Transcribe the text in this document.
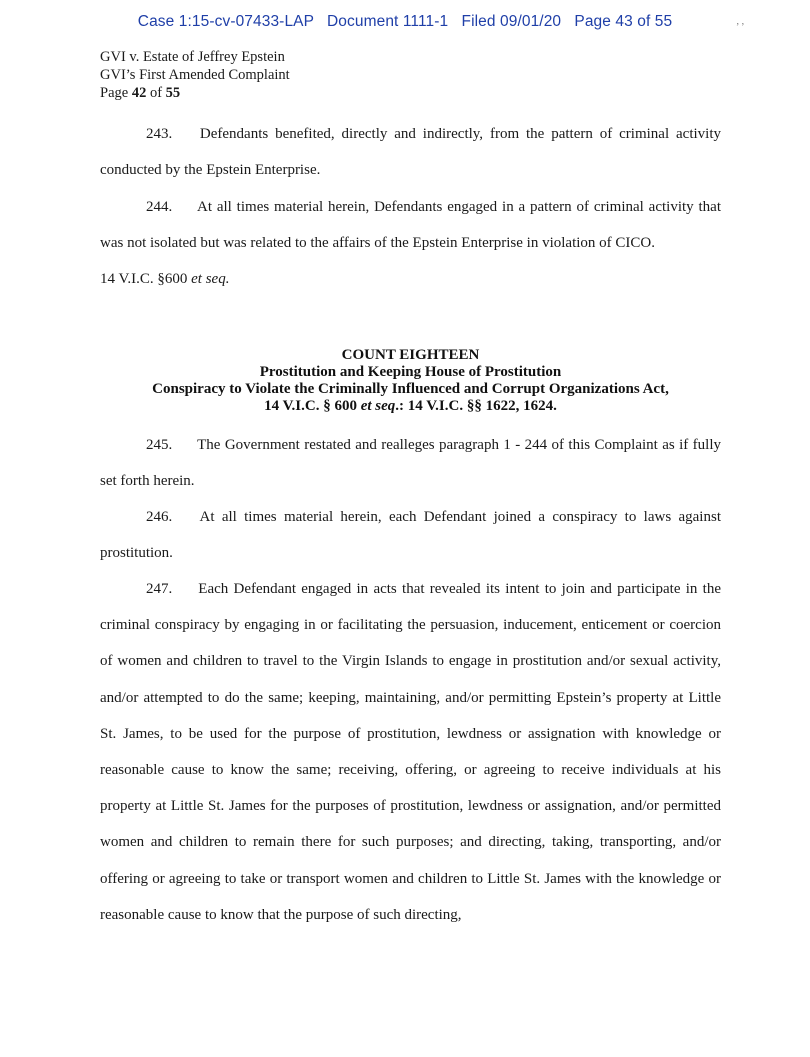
Case 1:15-cv-07433-LAP Document 1111-1 Filed 09/01/20 Page 43 of 55	’ ’
GVI v. Estate of Jeffrey Epstein
GVI’s First Amended Complaint
Page 42 of 55
243. Defendants benefited, directly and indirectly, from the pattern of criminal activity conducted by the Epstein Enterprise.
244. At all times material herein, Defendants engaged in a pattern of criminal activity that was not isolated but was related to the affairs of the Epstein Enterprise in violation of CICO.
14 V.I.C. §600 et seq.
COUNT EIGHTEEN
Prostitution and Keeping House of Prostitution
Conspiracy to Violate the Criminally Influenced and Corrupt Organizations Act,
14 V.I.C. § 600 et seq.: 14 V.I.C. §§ 1622, 1624.
245. The Government restated and realleges paragraph 1 - 244 of this Complaint as if fully set forth herein.
246. At all times material herein, each Defendant joined a conspiracy to laws against prostitution.
247. Each Defendant engaged in acts that revealed its intent to join and participate in the criminal conspiracy by engaging in or facilitating the persuasion, inducement, enticement or coercion of women and children to travel to the Virgin Islands to engage in prostitution and/or sexual activity, and/or attempted to do the same; keeping, maintaining, and/or permitting Epstein’s property at Little St. James, to be used for the purpose of prostitution, lewdness or assignation with knowledge or reasonable cause to know the same; receiving, offering, or agreeing to receive individuals at his property at Little St. James for the purposes of prostitution, lewdness or assignation, and/or permitted women and children to remain there for such purposes; and directing, taking, transporting, and/or offering or agreeing to take or transport women and children to Little St. James with the knowledge or reasonable cause to know that the purpose of such directing,
